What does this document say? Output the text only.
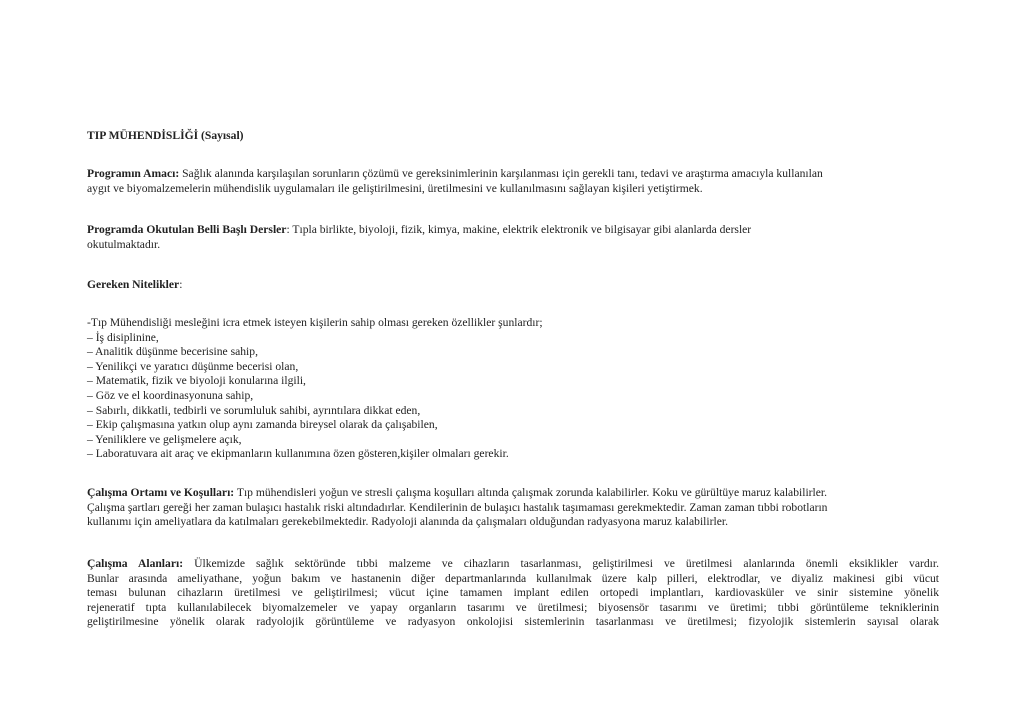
TIP MÜHENDİSLİĞİ (Sayısal)
Programın Amacı: Sağlık alanında karşılaşılan sorunların çözümü ve gereksinimlerinin karşılanması için gerekli tanı, tedavi ve araştırma amacıyla kullanılan
aygıt ve biyomalzemelerin mühendislik uygulamaları ile geliştirilmesini, üretilmesini ve kullanılmasını sağlayan kişileri yetiştirmek.
Programda Okutulan Belli Başlı Dersler: Tıpla birlikte, biyoloji, fizik, kimya, makine, elektrik elektronik ve bilgisayar gibi alanlarda dersler
okutulmaktadır.
Gereken Nitelikler:
-Tıp Mühendisliği mesleğini icra etmek isteyen kişilerin sahip olması gereken özellikler şunlardır;
– İş disiplinine,
– Analitik düşünme becerisine sahip,
– Yenilikçi ve yaratıcı düşünme becerisi olan,
– Matematik, fizik ve biyoloji konularına ilgili,
– Göz ve el koordinasyonuna sahip,
– Sabırlı, dikkatli, tedbirli ve sorumluluk sahibi, ayrıntılara dikkat eden,
– Ekip çalışmasına yatkın olup aynı zamanda bireysel olarak da çalışabilen,
– Yeniliklere ve gelişmelere açık,
– Laboratuvara ait araç ve ekipmanların kullanımına özen gösteren,kişiler olmaları gerekir.
Çalışma Ortamı ve Koşulları: Tıp mühendisleri yoğun ve stresli çalışma koşulları altında çalışmak zorunda kalabilirler. Koku ve gürültüye maruz kalabilirler.
Çalışma şartları gereği her zaman bulaşıcı hastalık riski altındadırlar. Kendilerinin de bulaşıcı hastalık taşımaması gerekmektedir. Zaman zaman tıbbi robotların
kullanımı için ameliyatlara da katılmaları gerekebilmektedir. Radyoloji alanında da çalışmaları olduğundan radyasyona maruz kalabilirler.
Çalışma Alanları: Ülkemizde sağlık sektöründe tıbbi malzeme ve cihazların tasarlanması, geliştirilmesi ve üretilmesi alanlarında önemli eksiklikler vardır.
Bunlar arasında ameliyathane, yoğun bakım ve hastanenin diğer departmanlarında kullanılmak üzere kalp pilleri, elektrodlar, ve diyaliz makinesi gibi vücut
teması bulunan cihazların üretilmesi ve geliştirilmesi; vücut içine tamamen implant edilen ortopedi implantları, kardiovasküler ve sinir sistemine yönelik
rejeneratif tıpta kullanılabilecek biyomalzemeler ve yapay organların tasarımı ve üretilmesi; biyosensör tasarımı ve üretimi; tıbbi görüntüleme tekniklerinin
geliştirilmesine yönelik olarak radyolojik görüntüleme ve radyasyon onkolojisi sistemlerinin tasarlanması ve üretilmesi; fizyolojik sistemlerin sayısal olarak
